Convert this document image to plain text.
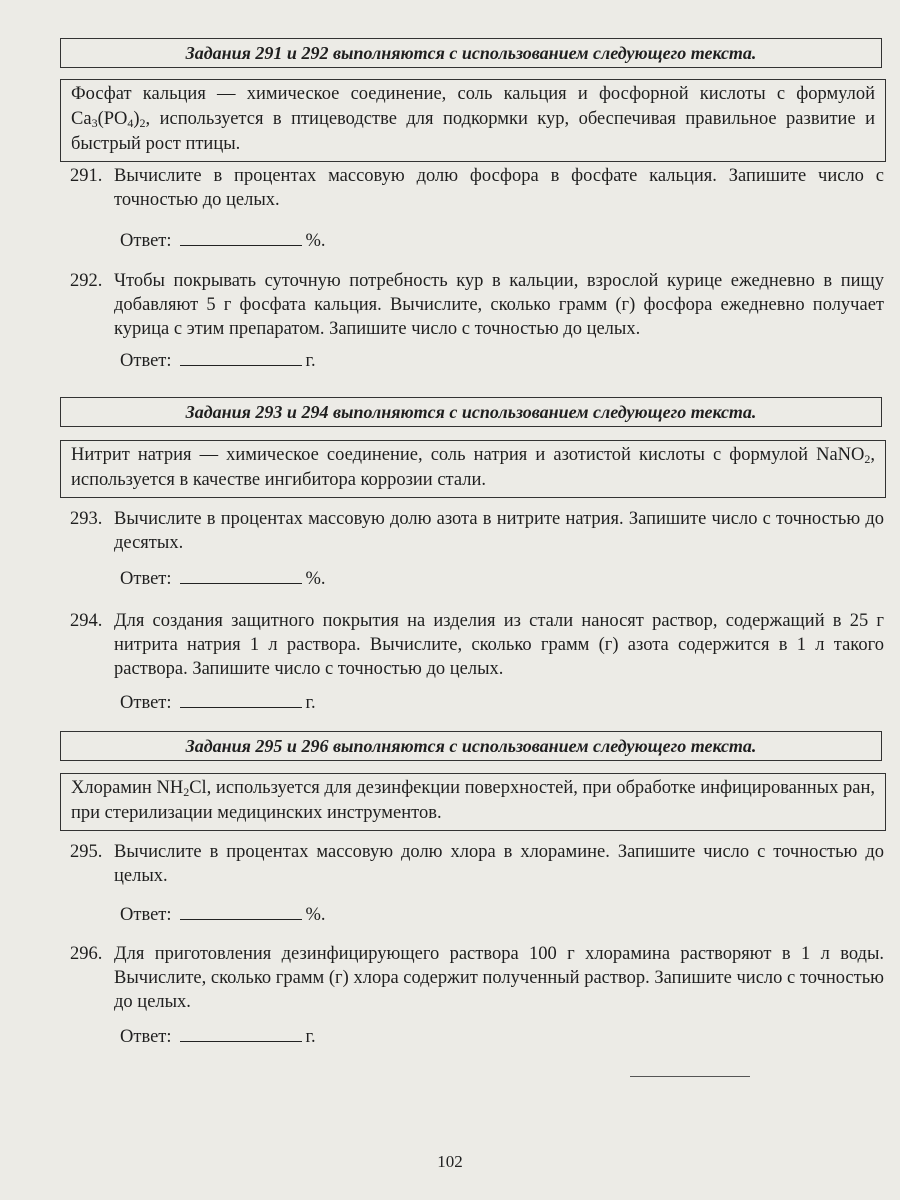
Задания 291 и 292 выполняются с использованием следующего текста.
Фосфат кальция — химическое соединение, соль кальция и фосфорной кислоты с формулой $Ca_3(PO_4)_2$, используется в птицеводстве для подкормки кур, обеспечивая правильное развитие и быстрый рост птицы.
291. Вычислите в процентах массовую долю фосфора в фосфате кальция. Запишите число с точностью до целых.
Ответ:	%.
292. Чтобы покрывать суточную потребность кур в кальции, взрослой курице ежедневно в пищу добавляют 5 г фосфата кальция. Вычислите, сколько грамм (г) фосфора ежедневно получает курица с этим препаратом. Запишите число с точностью до целых.
Ответ:	г.
Задания 293 и 294 выполняются с использованием следующего текста.
Нитрит натрия — химическое соединение, соль натрия и азотистой кислоты с формулой NaNO$_2$, используется в качестве ингибитора коррозии стали.
293. Вычислите в процентах массовую долю азота в нитрите натрия. Запишите число с точностью до десятых.
Ответ:	%.
294. Для создания защитного покрытия на изделия из стали наносят раствор, содержащий в 25 г нитрита натрия 1 л раствора. Вычислите, сколько грамм (г) азота содержится в 1 л такого раствора. Запишите число с точностью до целых.
Ответ:	г.
Задания 295 и 296 выполняются с использованием следующего текста.
Хлорамин $NH_2Cl$, используется для дезинфекции поверхностей, при обработке инфицированных ран, при стерилизации медицинских инструментов.
295. Вычислите в процентах массовую долю хлора в хлорамине. Запишите число с точностью до целых.
Ответ:	%.
296. Для приготовления дезинфицирующего раствора 100 г хлорамина растворяют в 1 л воды. Вычислите, сколько грамм (г) хлора содержит полученный раствор. Запишите число с точностью до целых.
Ответ:	г.
102
